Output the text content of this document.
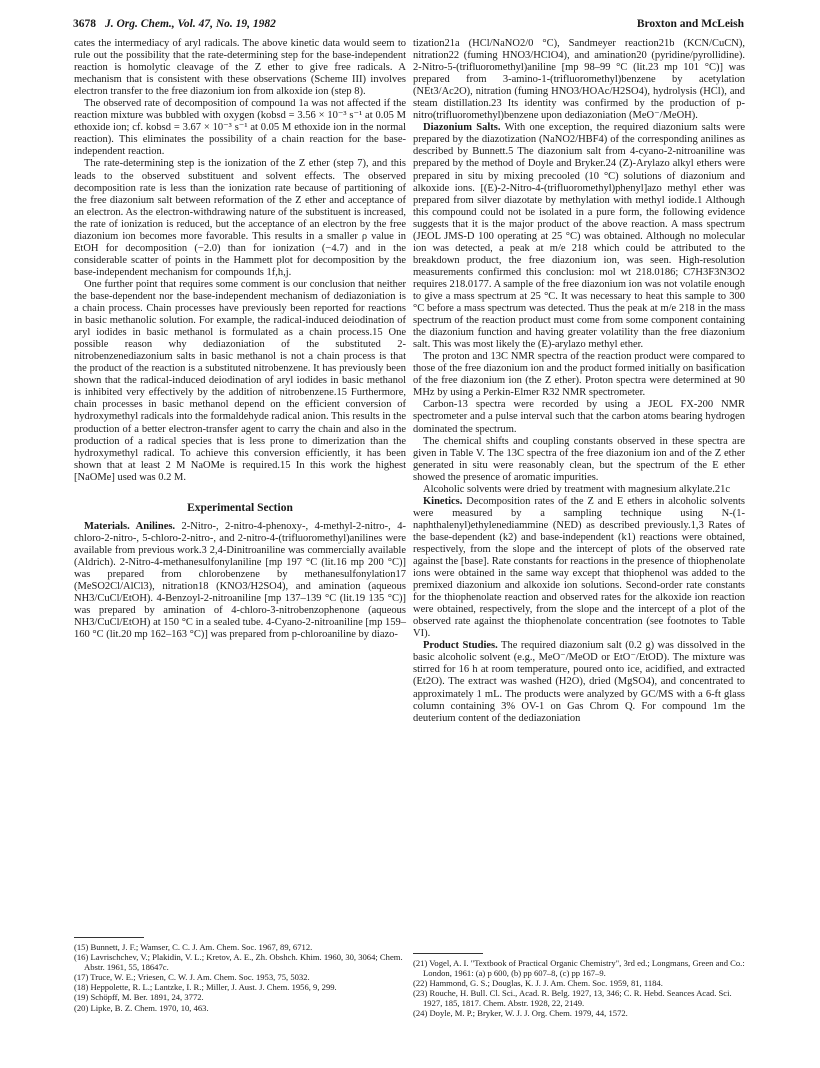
3678 J. Org. Chem., Vol. 47, No. 19, 1982	Broxton and McLeish

cates the intermediacy of aryl radicals. The above kinetic data would seem to rule out the possibility that the rate-determining step for the base-independent reaction is homolytic cleavage of the Z ether to give free radicals. A mechanism that is consistent with these observations (Scheme III) involves electron transfer to the free diazonium ion from alkoxide ion (step 8).

The observed rate of decomposition of compound 1a was not affected if the reaction mixture was bubbled with oxygen (kobsd = 3.56 × 10⁻³ s⁻¹ at 0.05 M ethoxide ion; cf. kobsd = 3.67 × 10⁻³ s⁻¹ at 0.05 M ethoxide ion in the normal reaction). This eliminates the possibility of a chain reaction for the base-independent reaction.

The rate-determining step is the ionization of the Z ether (step 7), and this leads to the observed substituent and solvent effects. The observed decomposition rate is less than the ionization rate because of partitioning of the free diazonium salt between reformation of the Z ether and acceptance of an electron. As the electron-withdrawing nature of the substituent is increased, the rate of ionization is reduced, but the acceptance of an electron by the free diazonium ion becomes more favorable. This results in a smaller ρ value in EtOH for decomposition (−2.0) than for ionization (−4.7) and in the considerable scatter of points in the Hammett plot for decomposition by the base-independent mechanism for compounds 1f,h,j.

One further point that requires some comment is our conclusion that neither the base-dependent nor the base-independent mechanism of dediazoniation is a chain process. Chain processes have previously been reported for reactions in basic methanolic solution. For example, the radical-induced deiodination of aryl iodides in basic methanol is formulated as a chain process.15 One possible reason why dediazoniation of the substituted 2-nitrobenzenediazonium salts in basic methanol is not a chain process is that the product of the reaction is a substituted nitrobenzene. It has previously been shown that the radical-induced deiodination of aryl iodides in basic methanol is inhibited very effectively by the addition of nitrobenzene.15 Furthermore, chain processes in basic methanol depend on the efficient conversion of hydroxymethyl radicals into the formaldehyde radical anion. This results in the production of a better electron-transfer agent to carry the chain and also in the production of a radical species that is less prone to dimerization than the hydroxymethyl radical. To achieve this conversion efficiently, it has been shown that at least 2 M NaOMe is required.15 In this work the highest [NaOMe] used was 0.2 M.

Experimental Section

Materials. Anilines. 2-Nitro-, 2-nitro-4-phenoxy-, 4-methyl-2-nitro-, 4-chloro-2-nitro-, 5-chloro-2-nitro-, and 2-nitro-4-(trifluoromethyl)anilines were available from previous work.3 2,4-Dinitroaniline was commercially available (Aldrich). 2-Nitro-4-methanesulfonylaniline [mp 197 °C (lit.16 mp 200 °C)] was prepared from chlorobenzene by methanesulfonylation17 (MeSO2Cl/AlCl3), nitration18 (KNO3/H2SO4), and amination (aqueous NH3/CuCl/EtOH). 4-Benzoyl-2-nitroaniline [mp 137–139 °C (lit.19 135 °C)] was prepared by amination of 4-chloro-3-nitrobenzophenone (aqueous NH3/CuCl/EtOH) at 150 °C in a sealed tube. 4-Cyano-2-nitroaniline [mp 159–160 °C (lit.20 mp 162–163 °C)] was prepared from p-chloroaniline by diazo-

tization21a (HCl/NaNO2/0 °C), Sandmeyer reaction21b (KCN/CuCN), nitration22 (fuming HNO3/HClO4), and amination20 (pyridine/pyrollidine). 2-Nitro-5-(trifluoromethyl)aniline [mp 98–99 °C (lit.23 mp 101 °C)] was prepared from 3-amino-1-(trifluoromethyl)benzene by acetylation (NEt3/Ac2O), nitration (fuming HNO3/HOAc/H2SO4), hydrolysis (HCl), and steam distillation.23 Its identity was confirmed by the production of p-nitro(trifluoromethyl)benzene upon dediazoniation (MeO⁻/MeOH).

Diazonium Salts. With one exception, the required diazonium salts were prepared by the diazotization (NaNO2/HBF4) of the corresponding anilines as described by Bunnett.5 The diazonium salt from 4-cyano-2-nitroaniline was prepared by the method of Doyle and Bryker.24 (Z)-Arylazo alkyl ethers were prepared in situ by mixing precooled (10 °C) solutions of diazonium and alkoxide ions. [(E)-2-Nitro-4-(trifluoromethyl)phenyl]azo methyl ether was prepared from silver diazotate by methylation with methyl iodide.1 Although this compound could not be isolated in a pure form, the following evidence suggests that it is the major product of the above reaction. A mass spectrum (JEOL JMS-D 100 operating at 25 °C) was obtained. Although no molecular ion was detected, a peak at m/e 218 which could be attributed to the breakdown product, the free diazonium ion, was seen. High-resolution measurements confirmed this conclusion: mol wt 218.0186; C7H3F3N3O2 requires 218.0177. A sample of the free diazonium ion was not volatile enough to give a mass spectrum at 25 °C. It was necessary to heat this sample to 300 °C before a mass spectrum was detected. Thus the peak at m/e 218 in the mass spectrum of the reaction product must come from some component containing the diazonium function and having greater volatility than the free diazonium salt. This was most likely the (E)-arylazo methyl ether.

The proton and 13C NMR spectra of the reaction product were compared to those of the free diazonium ion and the product formed initially on basification of the free diazonium ion (the Z ether). Proton spectra were determined at 90 MHz by using a Perkin-Elmer R32 NMR spectrometer.

Carbon-13 spectra were recorded by using a JEOL FX-200 NMR spectrometer and a pulse interval such that the carbon atoms bearing hydrogen dominated the spectrum.

The chemical shifts and coupling constants observed in these spectra are given in Table V. The 13C spectra of the free diazonium ion and of the Z ether generated in situ were reasonably clean, but the spectrum of the E ether showed the presence of aromatic impurities.

Alcoholic solvents were dried by treatment with magnesium alkylate.21c

Kinetics. Decomposition rates of the Z and E ethers in alcoholic solvents were measured by a sampling technique using N-(1-naphthalenyl)ethylenediammine (NED) as described previously.1,3 Rates of the base-dependent (k2) and base-independent (k1) reactions were obtained, respectively, from the slope and the intercept of plots of the observed rate against the [base]. Rate constants for reactions in the presence of thiophenolate ions were obtained in the same way except that thiophenol was added to the premixed diazonium and alkoxide ion solutions. Second-order rate constants for the thiophenolate reaction and observed rates for the alkoxide ion reaction were obtained, respectively, from the slope and the intercept of a plot of the observed rate against the thiophenolate concentration (see footnotes to Table VI).

Product Studies. The required diazonium salt (0.2 g) was dissolved in the basic alcoholic solvent (e.g., MeO⁻/MeOD or EtO⁻/EtOD). The mixture was stirred for 16 h at room temperature, poured onto ice, acidified, and extracted (Et2O). The extract was washed (H2O), dried (MgSO4), and concentrated to approximately 1 mL. The products were analyzed by GC/MS with a 6-ft glass column containing 3% OV-1 on Gas Chrom Q. For compound 1m the deuterium content of the dediazoniation

(15) Bunnett, J. F.; Wamser, C. C. J. Am. Chem. Soc. 1967, 89, 6712.
(16) Lavrischchev, V.; Plakidin, V. L.; Kretov, A. E., Zh. Obshch. Khim. 1960, 30, 3064; Chem. Abstr. 1961, 55, 18647c.
(17) Truce, W. E.; Vriesen, C. W. J. Am. Chem. Soc. 1953, 75, 5032.
(18) Heppolette, R. L.; Lantzke, I. R.; Miller, J. Aust. J. Chem. 1956, 9, 299.
(19) Schöpff, M. Ber. 1891, 24, 3772.
(20) Lipke, B. Z. Chem. 1970, 10, 463.
(21) Vogel, A. I. "Textbook of Practical Organic Chemistry", 3rd ed.; Longmans, Green and Co.: London, 1961: (a) p 600, (b) pp 607–8, (c) pp 167–9.
(22) Hammond, G. S.; Douglas, K. J. J. Am. Chem. Soc. 1959, 81, 1184.
(23) Rouche, H. Bull. Cl. Sci., Acad. R. Belg. 1927, 13, 346; C. R. Hebd. Seances Acad. Sci. 1927, 185, 1817. Chem. Abstr. 1928, 22, 2149.
(24) Doyle, M. P.; Bryker, W. J. J. Org. Chem. 1979, 44, 1572.
